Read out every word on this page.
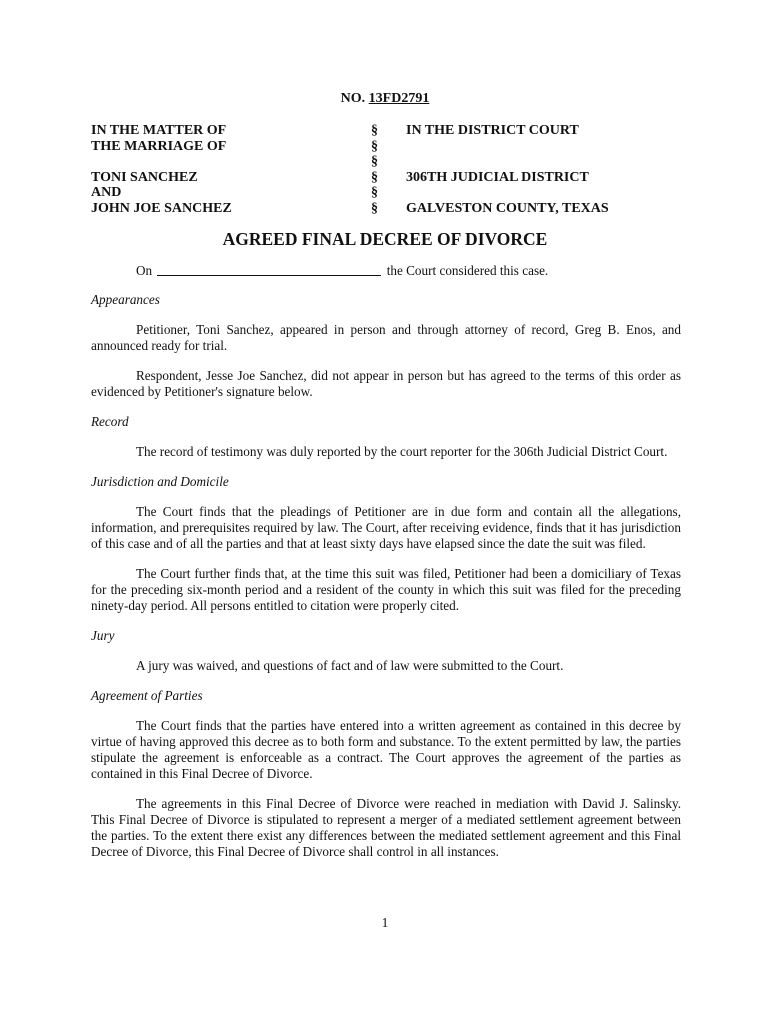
NO. 13FD2791
IN THE MATTER OF	§	IN THE DISTRICT COURT
THE MARRIAGE OF	§
§
TONI SANCHEZ	§	306TH JUDICIAL DISTRICT
AND	§
JOHN JOE SANCHEZ	§	GALVESTON COUNTY, TEXAS
AGREED FINAL DECREE OF DIVORCE

On	the Court considered this case.

Appearances

Petitioner, Toni Sanchez, appeared in person and through attorney of record, Greg B. Enos, and announced ready for trial.

Respondent, Jesse Joe Sanchez, did not appear in person but has agreed to the terms of this order as evidenced by Petitioner's signature below.

Record

The record of testimony was duly reported by the court reporter for the 306th Judicial District Court.

Jurisdiction and Domicile

The Court finds that the pleadings of Petitioner are in due form and contain all the allegations, information, and prerequisites required by law. The Court, after receiving evidence, finds that it has jurisdiction of this case and of all the parties and that at least sixty days have elapsed since the date the suit was filed.

The Court further finds that, at the time this suit was filed, Petitioner had been a domiciliary of Texas for the preceding six-month period and a resident of the county in which this suit was filed for the preceding ninety-day period. All persons entitled to citation were properly cited.

Jury

A jury was waived, and questions of fact and of law were submitted to the Court.

Agreement of Parties

The Court finds that the parties have entered into a written agreement as contained in this decree by virtue of having approved this decree as to both form and substance. To the extent permitted by law, the parties stipulate the agreement is enforceable as a contract. The Court approves the agreement of the parties as contained in this Final Decree of Divorce.

The agreements in this Final Decree of Divorce were reached in mediation with David J. Salinsky. This Final Decree of Divorce is stipulated to represent a merger of a mediated settlement agreement between the parties. To the extent there exist any differences between the mediated settlement agreement and this Final Decree of Divorce, this Final Decree of Divorce shall control in all instances.

1
